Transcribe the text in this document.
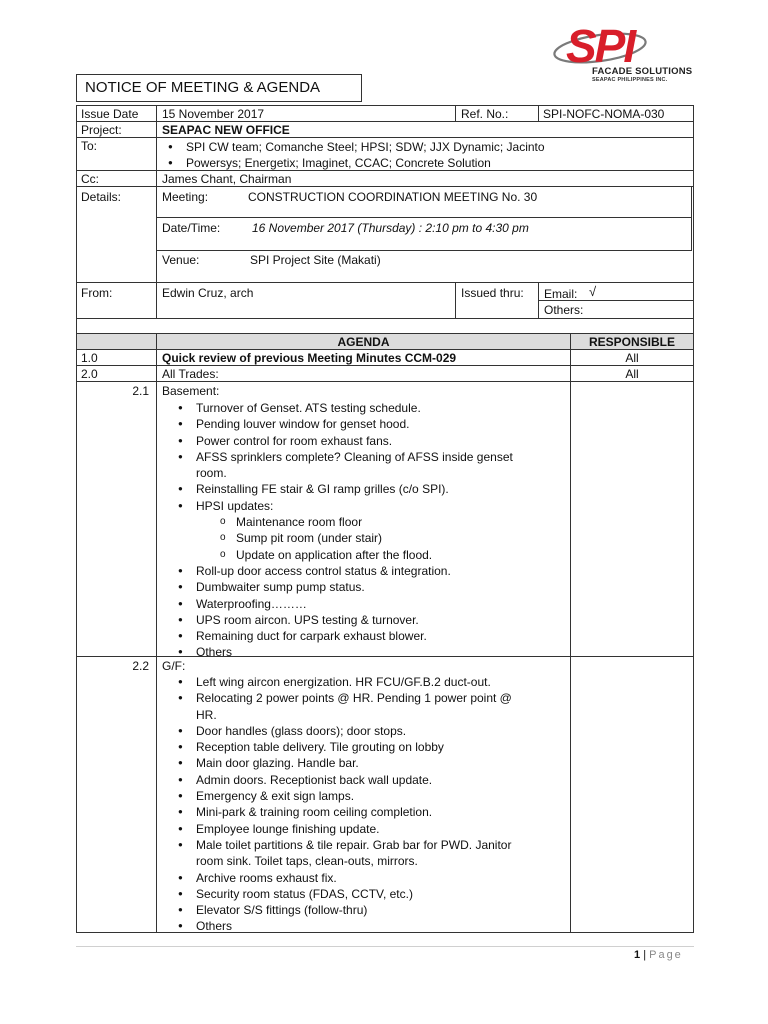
SPI
FACADE SOLUTIONS
SEAPAC PHILIPPINES INC.
NOTICE OF MEETING & AGENDA
Issue Date 15 November 2017	Ref. No.:	SPI-NOFC-NOMA-030
Project:	SEAPAC NEW OFFICE
To:
●	SPI CW team; Comanche Steel; HPSI; SDW; JJX Dynamic; Jacinto
● Powersys; Energetix; Imaginet, CCAC; Concrete Solution
Cc:	James Chant, Chairman
Details:	Meeting:	CONSTRUCTION COORDINATION MEETING No. 30
Date/Time:	16 November 2017 (Thursday) : 2:10 pm to 4:30 pm
Venue:	SPI Project Site (Makati)
From:	Edwin Cruz, arch	Issued thru: Email: √
Others:
AGENDA	RESPONSIBLE
1.0	Quick review of previous Meeting Minutes CCM-029	All
2.0	All Trades:	All
2.1 Basement:
● Turnover of Genset. ATS testing schedule.
● Pending louver window for genset hood.
● Power control for room exhaust fans.
● AFSS sprinklers complete? Cleaning of AFSS inside genset
room.
● Reinstalling FE stair & GI ramp grilles (c/o SPI).
● HPSI updates:
o Maintenance room floor
o Sump pit room (under stair)
o Update on application after the flood.
● Roll-up door access control status & integration.
● Dumbwaiter sump pump status.
● Waterproofing………
● UPS room aircon. UPS testing & turnover.
● Remaining duct for carpark exhaust blower.
● Others
2.2 G/F:
● Left wing aircon energization. HR FCU/GF.B.2 duct-out.
● Relocating 2 power points @ HR. Pending 1 power point @
HR.
● Door handles (glass doors); door stops.
● Reception table delivery. Tile grouting on lobby
● Main door glazing. Handle bar.
● Admin doors. Receptionist back wall update.
● Emergency & exit sign lamps.
● Mini-park & training room ceiling completion.
● Employee lounge finishing update.
● Male toilet partitions & tile repair. Grab bar for PWD. Janitor
room sink. Toilet taps, clean-outs, mirrors.
● Archive rooms exhaust fix.
● Security room status (FDAS, CCTV, etc.)
● Elevator S/S fittings (follow-thru)
● Others
1 | Page
